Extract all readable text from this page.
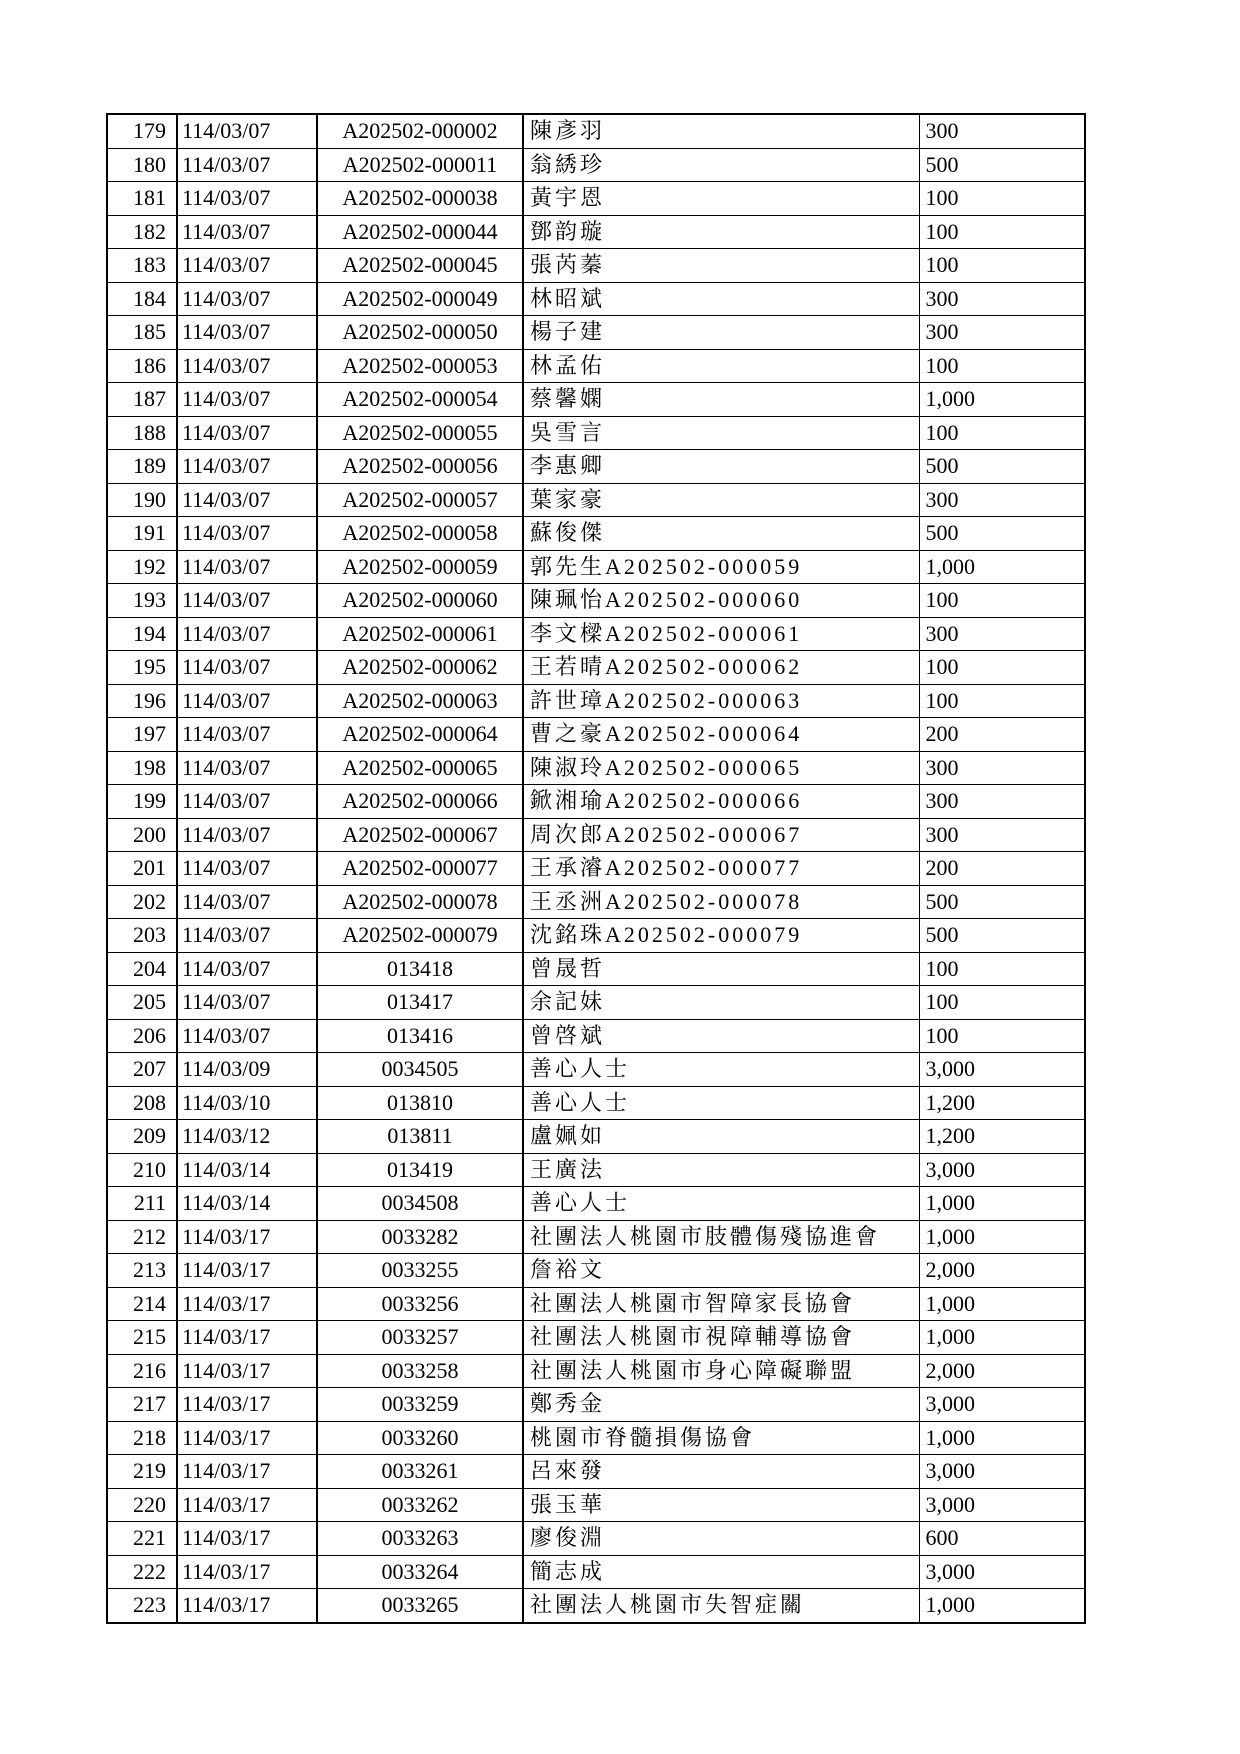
179	114/03/07	A202502-000002	陳彥羽	300
180	114/03/07	A202502-000011	翁綉珍	500
181	114/03/07	A202502-000038	黃宇恩	100
182	114/03/07	A202502-000044	鄧韵璇	100
183	114/03/07	A202502-000045	張芮蓁	100
184	114/03/07	A202502-000049	林昭斌	300
185	114/03/07	A202502-000050	楊子建	300
186	114/03/07	A202502-000053	林孟佑	100
187	114/03/07	A202502-000054	蔡馨嫻	1,000
188	114/03/07	A202502-000055	吳雪言	100
189	114/03/07	A202502-000056	李惠卿	500
190	114/03/07	A202502-000057	葉家豪	300
191	114/03/07	A202502-000058	蘇俊傑	500
192	114/03/07	A202502-000059	郭先生A202502-000059	1,000
193	114/03/07	A202502-000060	陳珮怡A202502-000060	100
194	114/03/07	A202502-000061	李文樑A202502-000061	300
195	114/03/07	A202502-000062	王若晴A202502-000062	100
196	114/03/07	A202502-000063	許世璋A202502-000063	100
197	114/03/07	A202502-000064	曹之豪A202502-000064	200
198	114/03/07	A202502-000065	陳淑玲A202502-000065	300
199	114/03/07	A202502-000066	鍁湘瑜A202502-000066	300
200	114/03/07	A202502-000067	周次郎A202502-000067	300
201	114/03/07	A202502-000077	王承濬A202502-000077	200
202	114/03/07	A202502-000078	王丞洲A202502-000078	500
203	114/03/07	A202502-000079	沈銘珠A202502-000079	500
204	114/03/07	013418	曾晟哲	100
205	114/03/07	013417	余記妹	100
206	114/03/07	013416	曾啓斌	100
207	114/03/09	0034505	善心人士	3,000
208	114/03/10	013810	善心人士	1,200
209	114/03/12	013811	盧姵如	1,200
210	114/03/14	013419	王廣法	3,000
211	114/03/14	0034508	善心人士	1,000
212	114/03/17	0033282	社團法人桃園市肢體傷殘協進會	1,000
213	114/03/17	0033255	詹裕文	2,000
214	114/03/17	0033256	社團法人桃園市智障家長協會	1,000
215	114/03/17	0033257	社團法人桃園市視障輔導協會	1,000
216	114/03/17	0033258	社團法人桃園市身心障礙聯盟	2,000
217	114/03/17	0033259	鄭秀金	3,000
218	114/03/17	0033260	桃園市脊髓損傷協會	1,000
219	114/03/17	0033261	呂來發	3,000
220	114/03/17	0033262	張玉華	3,000
221	114/03/17	0033263	廖俊淵	600
222	114/03/17	0033264	簡志成	3,000
223	114/03/17	0033265	社團法人桃園市失智症關	1,000
